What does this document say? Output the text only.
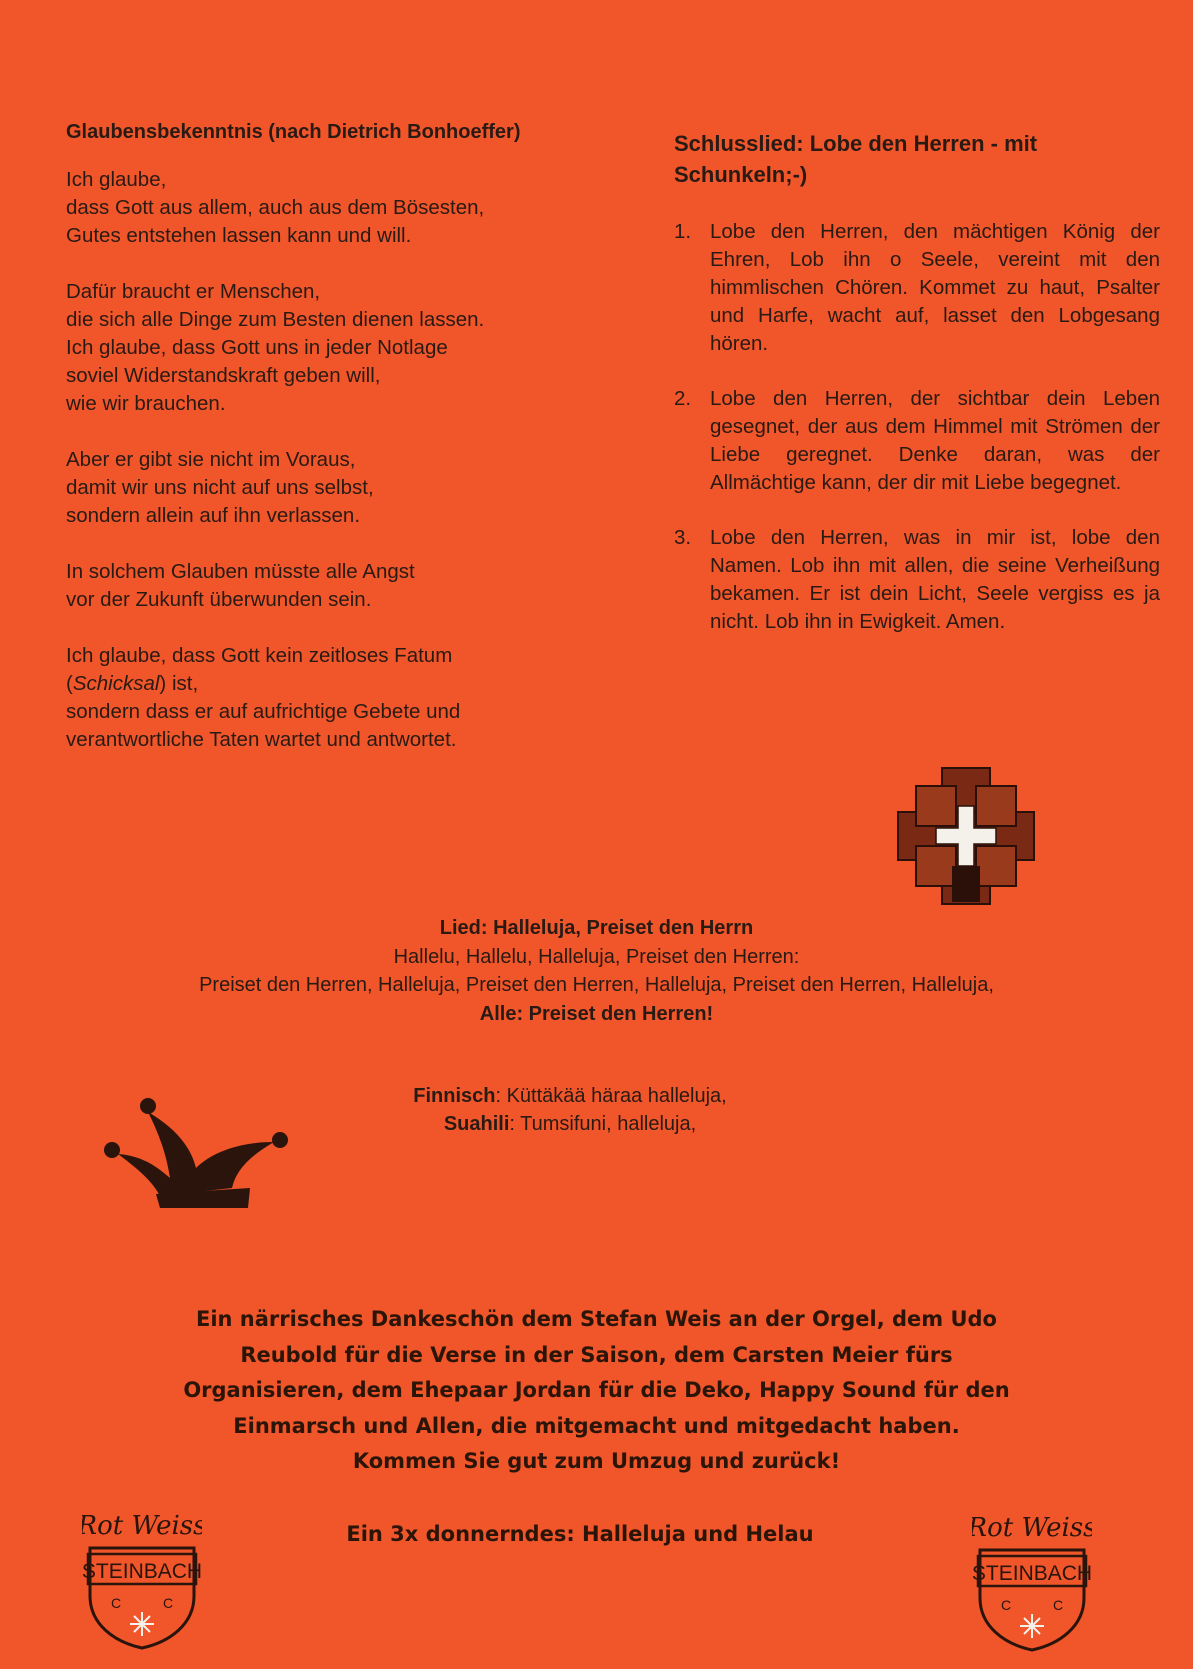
Glaubensbekenntnis (nach Dietrich Bonhoeffer)
Ich glaube,
dass Gott aus allem, auch aus dem Bösesten,
Gutes entstehen lassen kann und will.
Dafür braucht er Menschen,
die sich alle Dinge zum Besten dienen lassen.
Ich glaube, dass Gott uns in jeder Notlage
soviel Widerstandskraft geben will,
wie wir brauchen.
Aber er gibt sie nicht im Voraus,
damit wir uns nicht auf uns selbst,
sondern allein auf ihn verlassen.
In solchem Glauben müsste alle Angst
vor der Zukunft überwunden sein.
Ich glaube, dass Gott kein zeitloses Fatum
(Schicksal) ist,
sondern dass er auf aufrichtige Gebete und
verantwortliche Taten wartet und antwortet.
Schlusslied: Lobe den Herren - mit Schunkeln;-)
1. Lobe den Herren, den mächtigen König der Ehren, Lob ihn o Seele, vereint mit den himmlischen Chören. Kommet zu haut, Psalter und Harfe, wacht auf, lasset den Lobgesang hören.
2. Lobe den Herren, der sichtbar dein Leben gesegnet, der aus dem Himmel mit Strömen der Liebe geregnet. Denke daran, was der Allmächtige kann, der dir mit Liebe begegnet.
3. Lobe den Herren, was in mir ist, lobe den Namen. Lob ihn mit allen, die seine Verheißung bekamen. Er ist dein Licht, Seele vergiss es ja nicht. Lob ihn in Ewigkeit. Amen.
Lied: Halleluja, Preiset den Herrn
Hallelu, Hallelu, Halleluja, Preiset den Herren:
Preiset den Herren, Halleluja, Preiset den Herren, Halleluja, Preiset den Herren, Halleluja,
Alle: Preiset den Herren!
Finnisch: Küttäkää häraa halleluja,
Suahili: Tumsifuni, halleluja,
Ein närrisches Dankeschön dem Stefan Weis an der Orgel, dem Udo
Reubold für die Verse in der Saison, dem Carsten Meier fürs
Organisieren, dem Ehepaar Jordan für die Deko, Happy Sound für den
Einmarsch und Allen, die mitgemacht und mitgedacht haben.
Kommen Sie gut zum Umzug und zurück!
Ein 3x donnerndes: Halleluja und Helau
Rot Weiss
STEINBACH
C	C
Rot Weiss
STEINBACH
C	C
